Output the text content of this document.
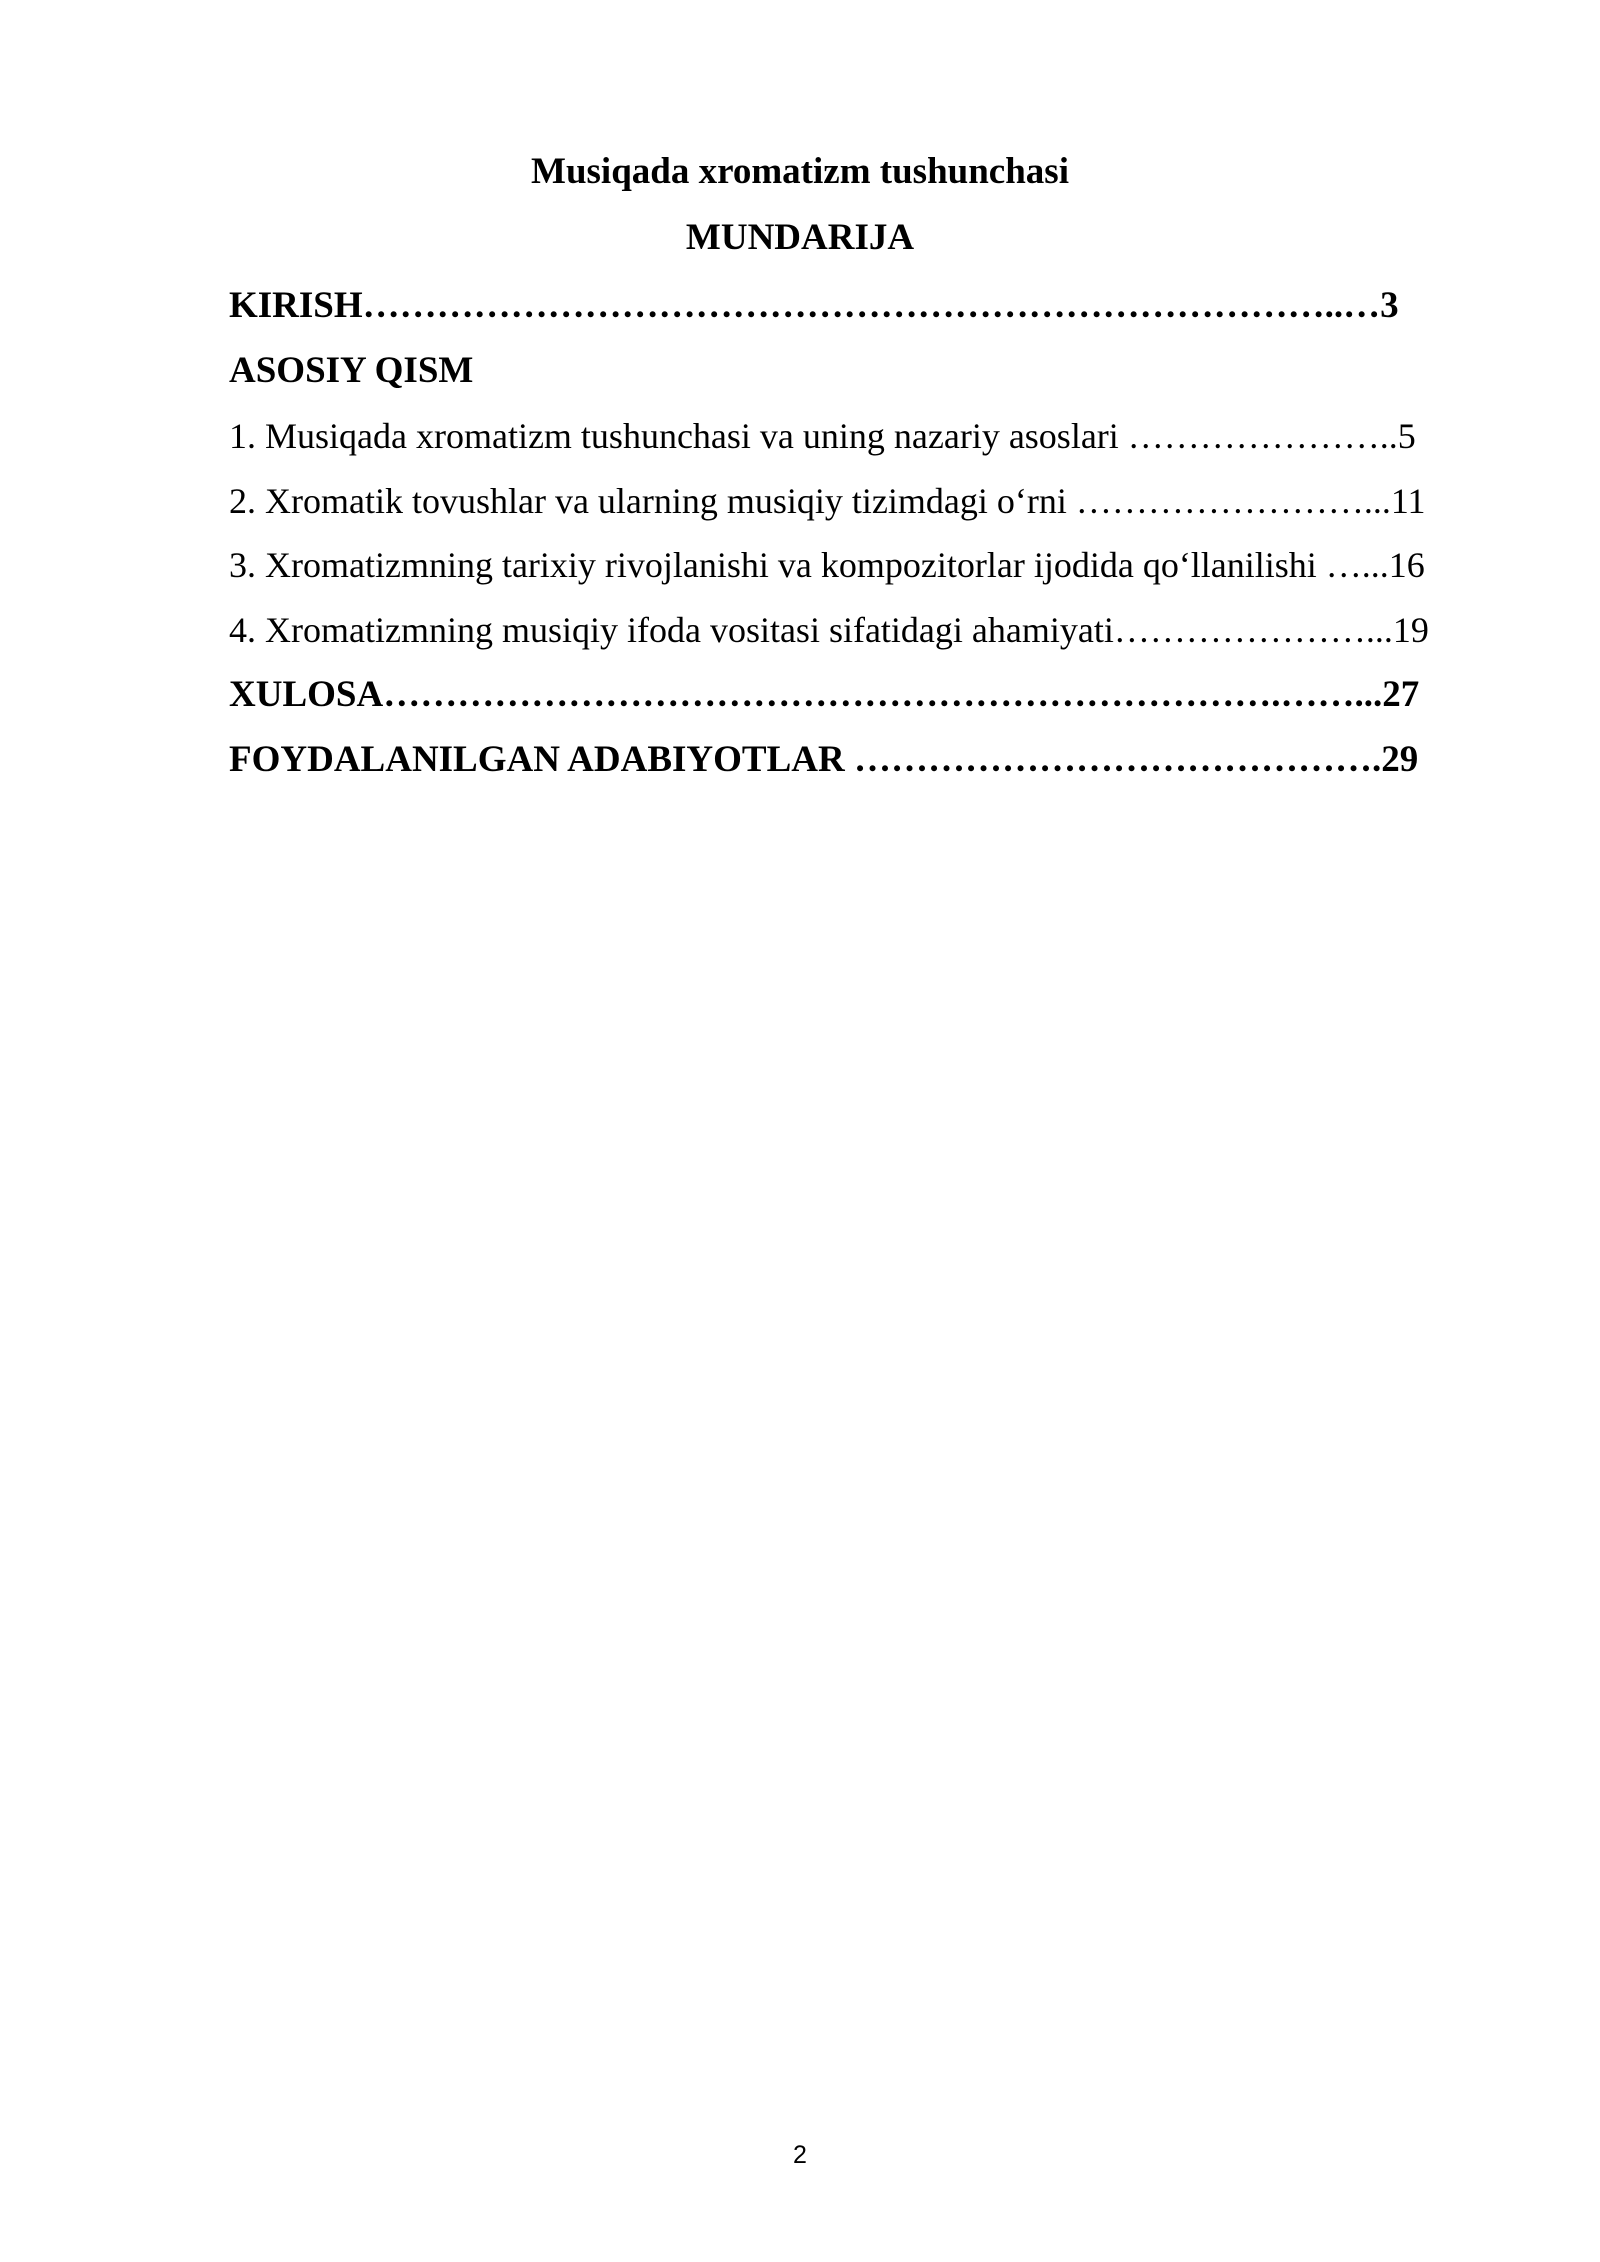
Musiqada xromatizm tushunchasi
MUNDARIJA
KIRISH……………………………………………………………………..…3
ASOSIY QISM
1. Musiqada xromatizm tushunchasi va uning nazariy asoslari …………………..5
2. Xromatik tovushlar va ularning musiqiy tizimdagi o‘rni ……………………...11
3. Xromatizmning tarixiy rivojlanishi va kompozitorlar ijodida qo‘llanilishi …...16
4. Xromatizmning musiqiy ifoda vositasi sifatidagi ahamiyati…………………...19
XULOSA……………………………………………………………….……...27
FOYDALANILGAN ADABIYOTLAR …………………………………….29
2
